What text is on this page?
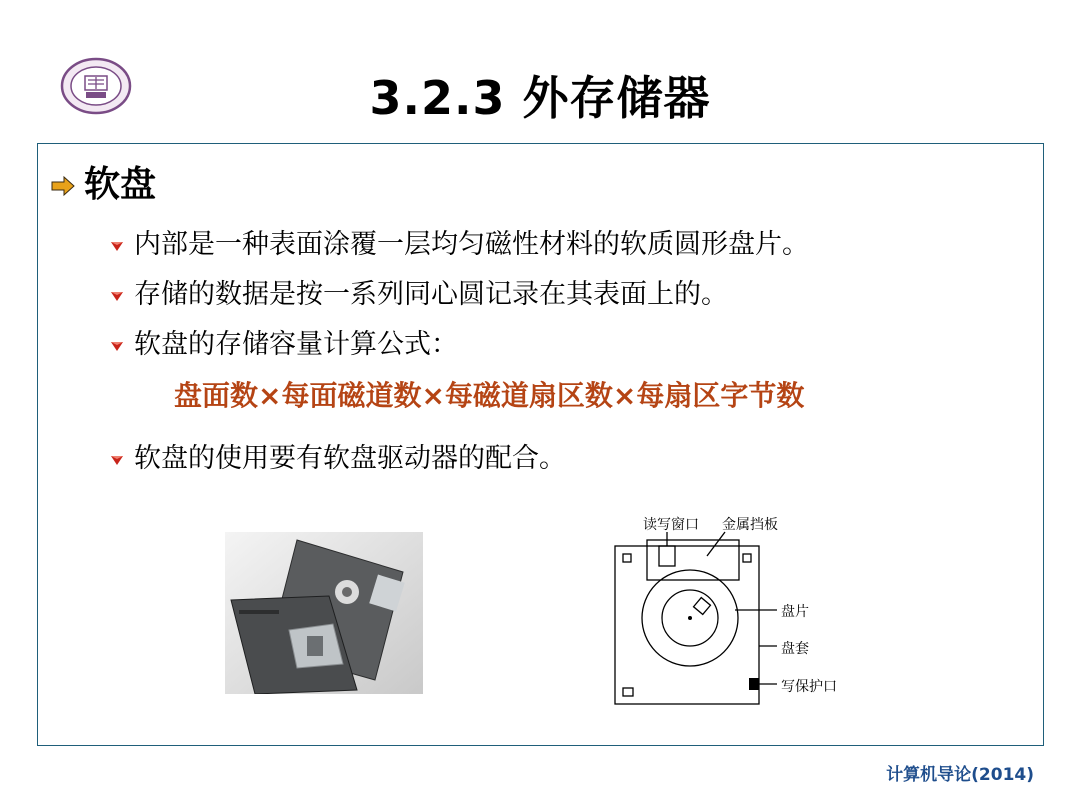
3.2.3 外存储器
软盘
内部是一种表面涂覆一层均匀磁性材料的软质圆形盘片。
存储的数据是按一系列同心圆记录在其表面上的。
软盘的存储容量计算公式：
盘面数×每面磁道数×每磁道扇区数×每扇区字节数
软盘的使用要有软盘驱动器的配合。
读写窗口 金属挡板
盘片
盘套
写保护口
计算机导论(2014)
